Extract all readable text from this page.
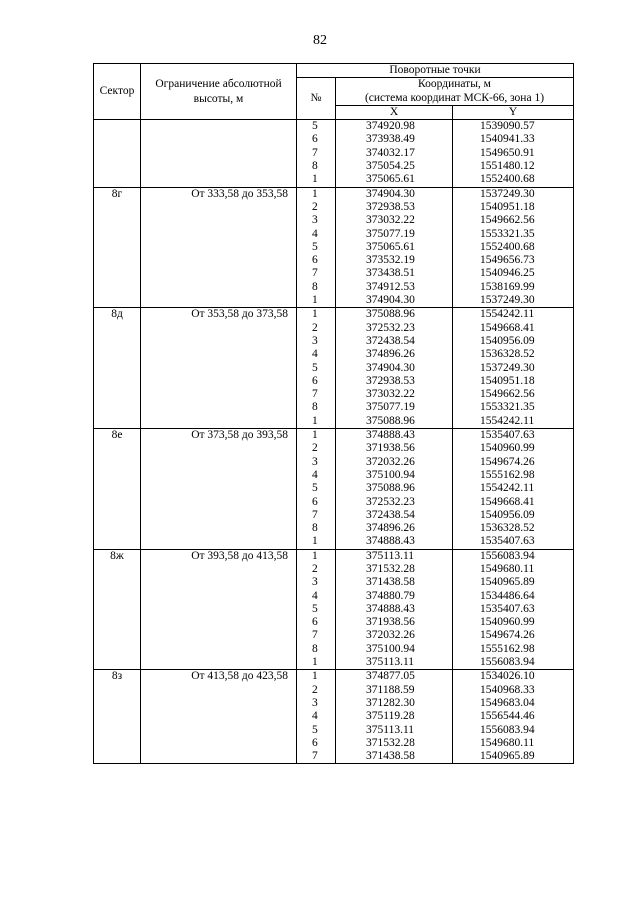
82
Сектор	Ограничение абсолютной высоты, м	Поворотные точки		
		№	Координаты, м	
			(система координат МСК-66, зона 1)	
			X	Y
		5	374920.98	1539090.57
		6	373938.49	1540941.33
		7	374032.17	1549650.91
		8	375054.25	1551480.12
		1	375065.61	1552400.68
8г	От 333,58 до 353,58	1	374904.30	1537249.30
		2	372938.53	1540951.18
		3	373032.22	1549662.56
		4	375077.19	1553321.35
		5	375065.61	1552400.68
		6	373532.19	1549656.73
		7	373438.51	1540946.25
		8	374912.53	1538169.99
		1	374904.30	1537249.30
8д	От 353,58 до 373,58	1	375088.96	1554242.11
		2	372532.23	1549668.41
		3	372438.54	1540956.09
		4	374896.26	1536328.52
		5	374904.30	1537249.30
		6	372938.53	1540951.18
		7	373032.22	1549662.56
		8	375077.19	1553321.35
		1	375088.96	1554242.11
8е	От 373,58 до 393,58	1	374888.43	1535407.63
		2	371938.56	1540960.99
		3	372032.26	1549674.26
		4	375100.94	1555162.98
		5	375088.96	1554242.11
		6	372532.23	1549668.41
		7	372438.54	1540956.09
		8	374896.26	1536328.52
		1	374888.43	1535407.63
8ж	От 393,58 до 413,58	1	375113.11	1556083.94
		2	371532.28	1549680.11
		3	371438.58	1540965.89
		4	374880.79	1534486.64
		5	374888.43	1535407.63
		6	371938.56	1540960.99
		7	372032.26	1549674.26
		8	375100.94	1555162.98
		1	375113.11	1556083.94
8з	От 413,58 до 423,58	1	374877.05	1534026.10
		2	371188.59	1540968.33
		3	371282.30	1549683.04
		4	375119.28	1556544.46
		5	375113.11	1556083.94
		6	371532.28	1549680.11
		7	371438.58	1540965.89
